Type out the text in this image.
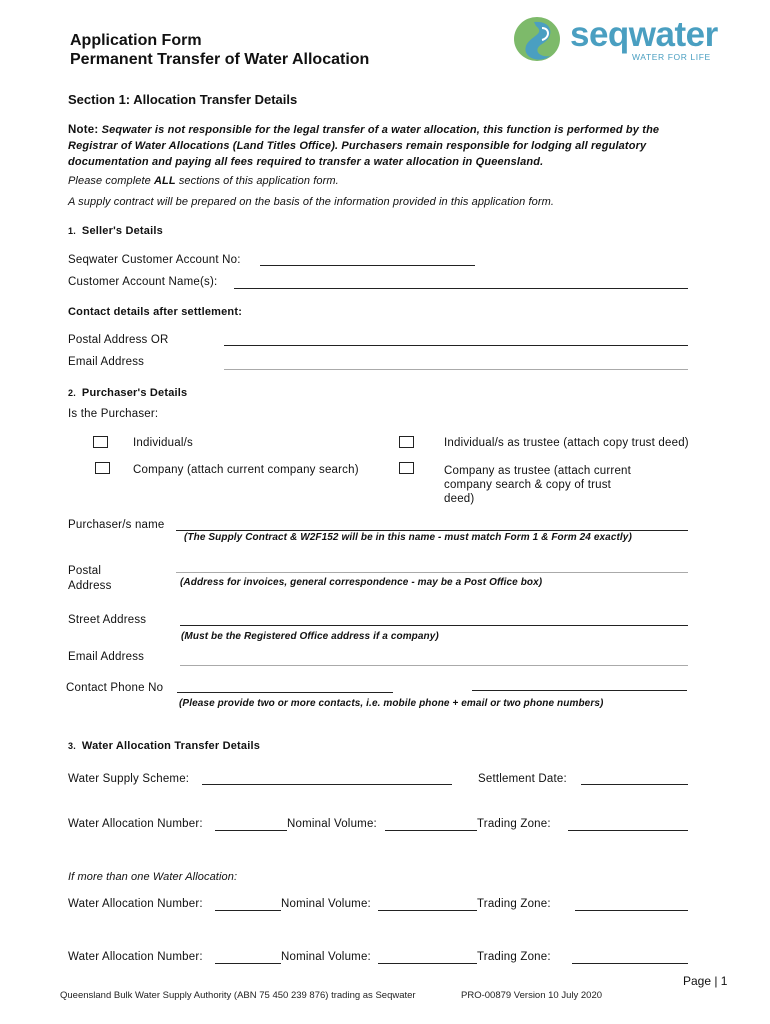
seqwater
WATER FOR LIFE
Application Form
Permanent Transfer of Water Allocation
Section 1: Allocation Transfer Details
Note: Seqwater is not responsible for the legal transfer of a water allocation, this function is performed by the Registrar of Water Allocations (Land Titles Office). Purchasers remain responsible for lodging all regulatory documentation and paying all fees required to transfer a water allocation in Queensland.
Please complete ALL sections of this application form.
A supply contract will be prepared on the basis of the information provided in this application form.
1. Seller's Details
Seqwater Customer Account No:
Customer Account Name(s):
Contact details after settlement:
Postal Address OR
Email Address
2. Purchaser's Details
Is the Purchaser:
Individual/s	Individual/s as trustee (attach copy trust deed)
Company (attach current company search)	Company as trustee (attach current
company search & copy of trust
deed)
Purchaser/s name
(The Supply Contract & W2F152 will be in this name - must match Form 1 & Form 24 exactly)
Postal
Address	(Address for invoices, general correspondence - may be a Post Office box)
Street Address
(Must be the Registered Office address if a company)
Email Address
Contact Phone No
(Please provide two or more contacts, i.e. mobile phone + email or two phone numbers)
3. Water Allocation Transfer Details
Water Supply Scheme:	Settlement Date:
Water Allocation Number:	Nominal Volume:	Trading Zone:
If more than one Water Allocation:
Water Allocation Number:	Nominal Volume:	Trading Zone:
Water Allocation Number:	Nominal Volume:	Trading Zone:
Page | 1
Queensland Bulk Water Supply Authority (ABN 75 450 239 876) trading as Seqwater	PRO-00879 Version 10 July 2020
